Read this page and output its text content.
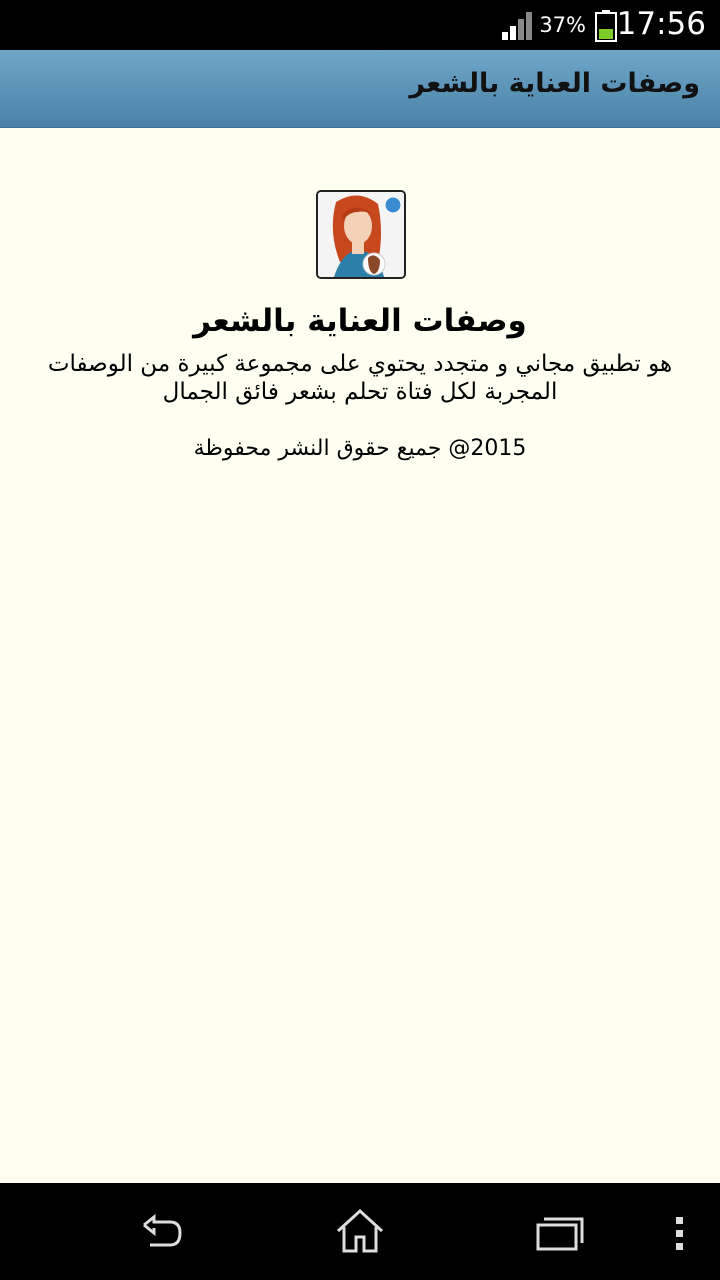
37% 17:56
وصفات العناية بالشعر
وصفات العناية بالشعر
هو تطبيق مجاني و متجدد يحتوي على مجموعة كبيرة من الوصفات المجربة لكل فتاة تحلم بشعر فائق الجمال
2015@ جميع حقوق النشر محفوظة
